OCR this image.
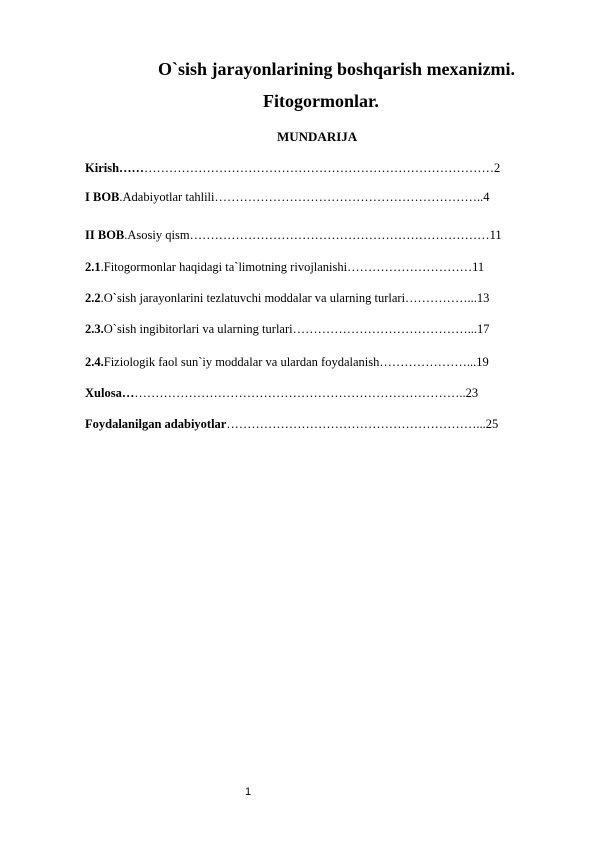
O`sish jarayonlarining boshqarish mexanizmi.
Fitogormonlar.
MUNDARIJA
Kirish………………………………………………………………………………2
I BOB.Adabiyotlar tahlili………………………………………………………..4
II BOB.Asosiy qism………………………………………………………………11
2.1.Fitogormonlar haqidagi ta`limotning rivojlanishi…………………………11
2.2.O`sish jarayonlarini tezlatuvchi moddalar va ularning turlari……………...13
2.3.O`sish ingibitorlari va ularning turlari……………………………………...17
2.4.Fiziologik faol sun`iy moddalar va ulardan foydalanish…………………...19
Xulosa………………………………………………………………………..23
Foydalanilgan adabiyotlar……………………………………………………...25
1
